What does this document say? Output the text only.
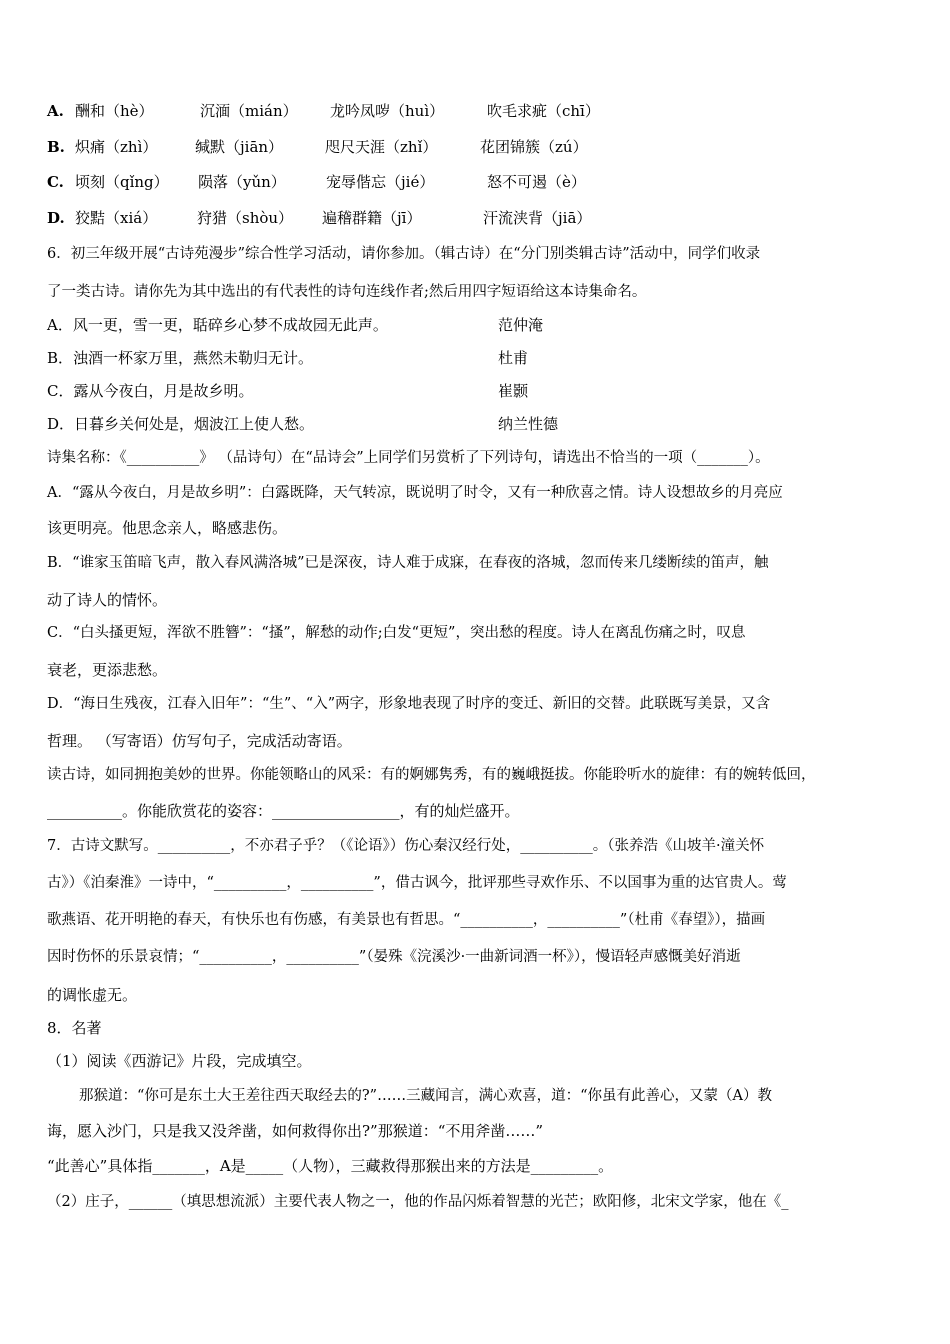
A. 酬和（hè）	沉湎（mián） 龙吟凤哕（huì）	吹毛求疵（chī）
B. 炽痛（zhì）	缄默（jiān）	咫尺天涯（zhǐ）	花团锦簇（zú）
C. 顷刻（qǐng） 陨落（yǔn）	宠辱偕忘（jié）	怒不可遏（è）
D. 狡黠（xiá）	狩猎（shòu） 遍稽群籍（jī）	汗流浃背（jiā）
6．初三年级开展“古诗苑漫步”综合性学习活动，请你参加。（辑古诗）在“分门别类辑古诗”活动中，同学们收录
了一类古诗。请你先为其中选出的有代表性的诗句连线作者;然后用四字短语给这本诗集命名。
A．风一更，雪一更，聒碎乡心梦不成故园无此声。	范仲淹
B．浊酒一杯家万里，燕然未勒归无计。	杜甫
C．露从今夜白，月是故乡明。	崔颢
D．日暮乡关何处是，烟波江上使人愁。	纳兰性德
诗集名称：《__________》 （品诗句）在“品诗会”上同学们另赏析了下列诗句，请选出不恰当的一项（_______）。
A．“露从今夜白，月是故乡明”：白露既降，天气转凉，既说明了时令，又有一种欣喜之情。诗人设想故乡的月亮应
该更明亮。他思念亲人，略感悲伤。
B．“谁家玉笛暗飞声，散入春风满洛城”已是深夜，诗人难于成寐，在春夜的洛城，忽而传来几缕断续的笛声，触
动了诗人的情怀。
C．“白头搔更短，浑欲不胜簪”：“搔”，解愁的动作;白发“更短”，突出愁的程度。诗人在离乱伤痛之时，叹息
衰老，更添悲愁。
D．“海日生残夜，江春入旧年”：“生”、“入”两字，形象地表现了时序的变迁、新旧的交替。此联既写美景，又含
哲理。 （写寄语）仿写句子，完成活动寄语。
读古诗，如同拥抱美妙的世界。你能领略山的风采：有的婀娜隽秀，有的巍峨挺拔。你能聆听水的旋律：有的婉转低回，
__________。你能欣赏花的姿容：_________________，有的灿烂盛开。
7．古诗文默写。__________，不亦君子乎？（《论语》）伤心秦汉经行处，__________。（张养浩《山坡羊·潼关怀
古》）《泊秦淮》一诗中，“__________，__________”，借古讽今，批评那些寻欢作乐、不以国事为重的达官贵人。莺
歌燕语、花开明艳的春天，有快乐也有伤感，有美景也有哲思。“__________，__________”（杜甫《春望》），描画
因时伤怀的乐景哀情；“__________，__________”（晏殊《浣溪沙·一曲新词酒一杯》），慢语轻声感慨美好消逝
的调怅虚无。
8．名著
（1）阅读《西游记》片段，完成填空。
那猴道：“你可是东土大王差往西天取经去的?”……三藏闻言，满心欢喜，道：“你虽有此善心，又蒙（A）教
诲，愿入沙门，只是我又没斧凿，如何救得你出?”那猴道：“不用斧凿……”
“此善心”具体指_______，A是_____（人物），三藏救得那猴出来的方法是_________。
（2）庄子，______（填思想流派）主要代表人物之一，他的作品闪烁着智慧的光芒；欧阳修，北宋文学家，他在《_
